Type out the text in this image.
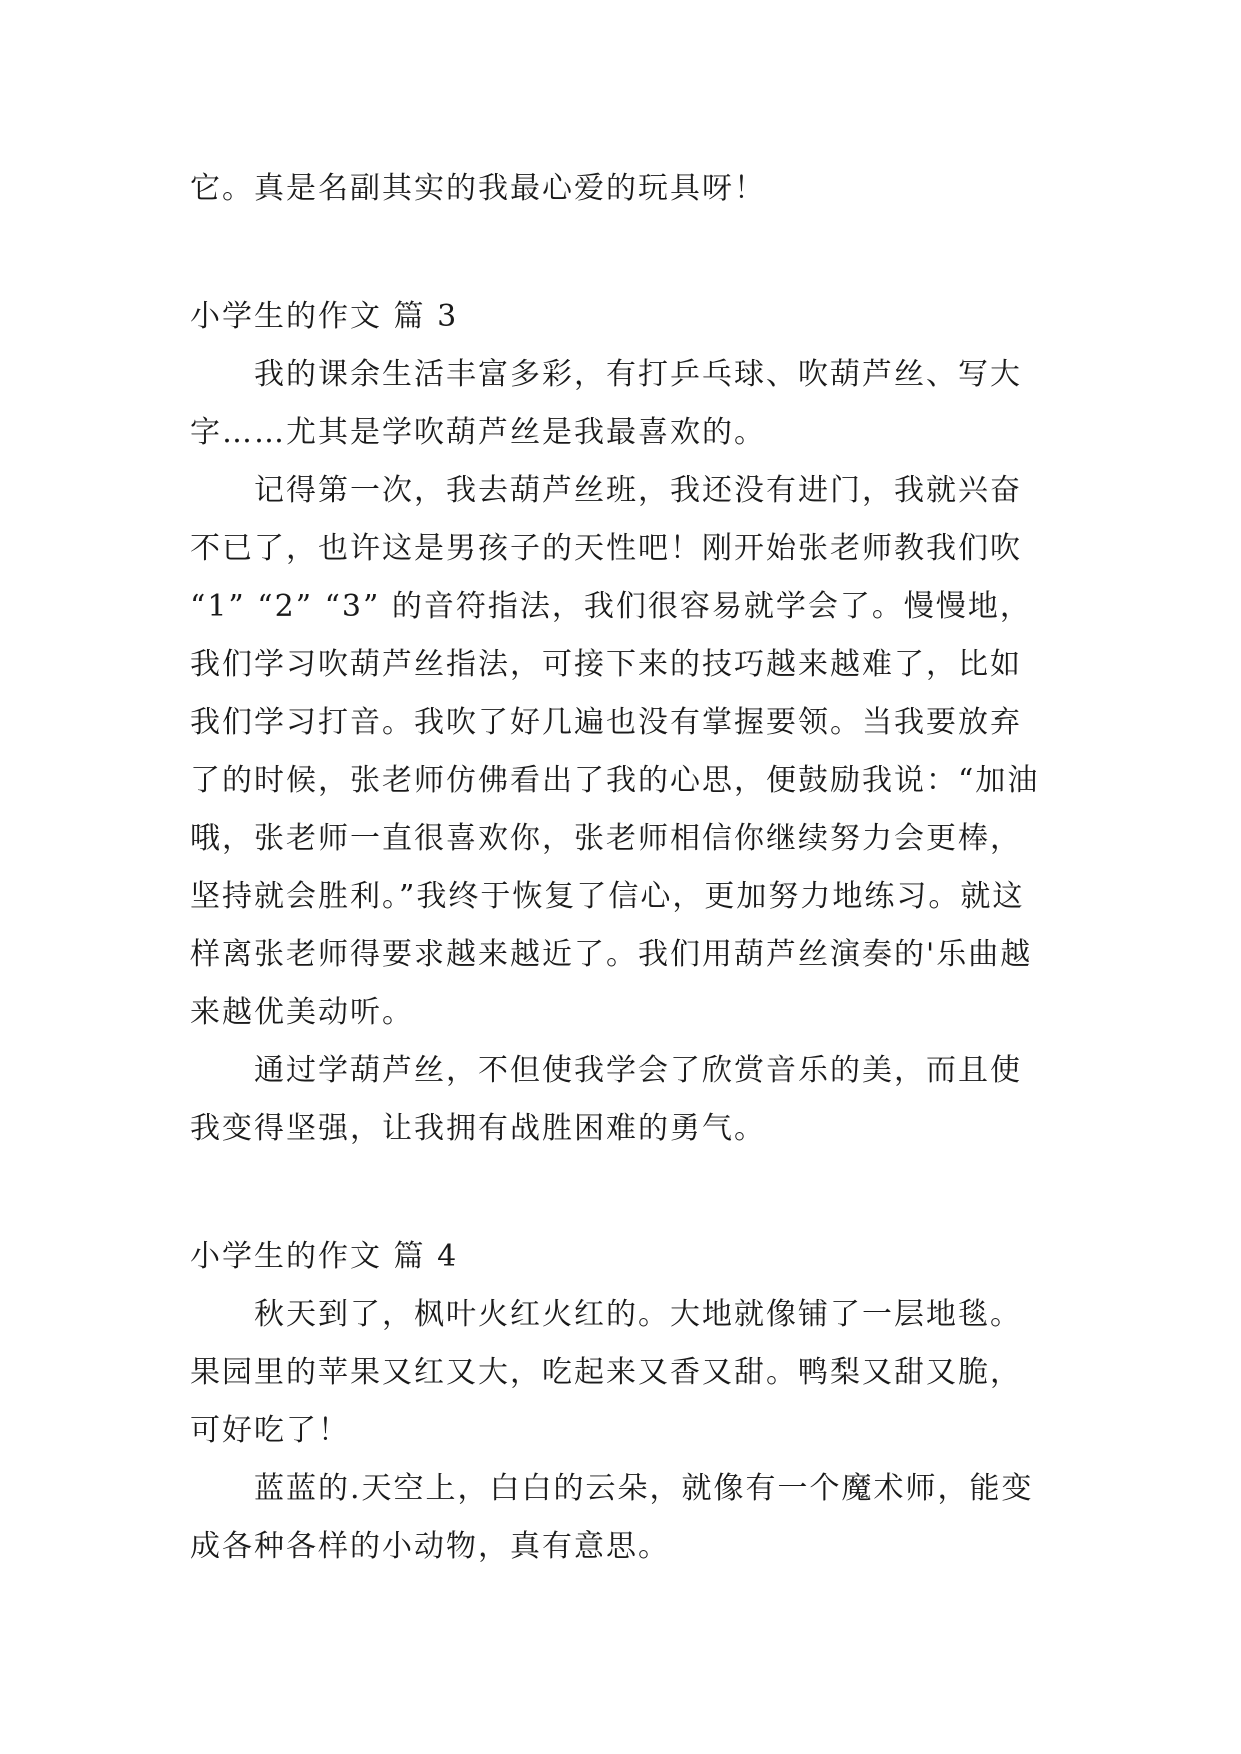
它。真是名副其实的我最心爱的玩具呀！

小学生的作文 篇 3

我的课余生活丰富多彩，有打乒乓球、吹葫芦丝、写大字……尤其是学吹葫芦丝是我最喜欢的。

记得第一次，我去葫芦丝班，我还没有进门，我就兴奋不已了，也许这是男孩子的天性吧！刚开始张老师教我们吹 “1” “2” “3” 的音符指法，我们很容易就学会了。慢慢地，我们学习吹葫芦丝指法，可接下来的技巧越来越难了，比如我们学习打音。我吹了好几遍也没有掌握要领。当我要放弃了的时候，张老师仿佛看出了我的心思，便鼓励我说：“加油哦，张老师一直很喜欢你，张老师相信你继续努力会更棒，坚持就会胜利。”我终于恢复了信心，更加努力地练习。就这样离张老师得要求越来越近了。我们用葫芦丝演奏的'乐曲越来越优美动听。

通过学葫芦丝，不但使我学会了欣赏音乐的美，而且使我变得坚强，让我拥有战胜困难的勇气。

小学生的作文 篇 4

秋天到了，枫叶火红火红的。大地就像铺了一层地毯。果园里的苹果又红又大，吃起来又香又甜。鸭梨又甜又脆，可好吃了！

蓝蓝的.天空上，白白的云朵，就像有一个魔术师，能变成各种各样的小动物，真有意思。
